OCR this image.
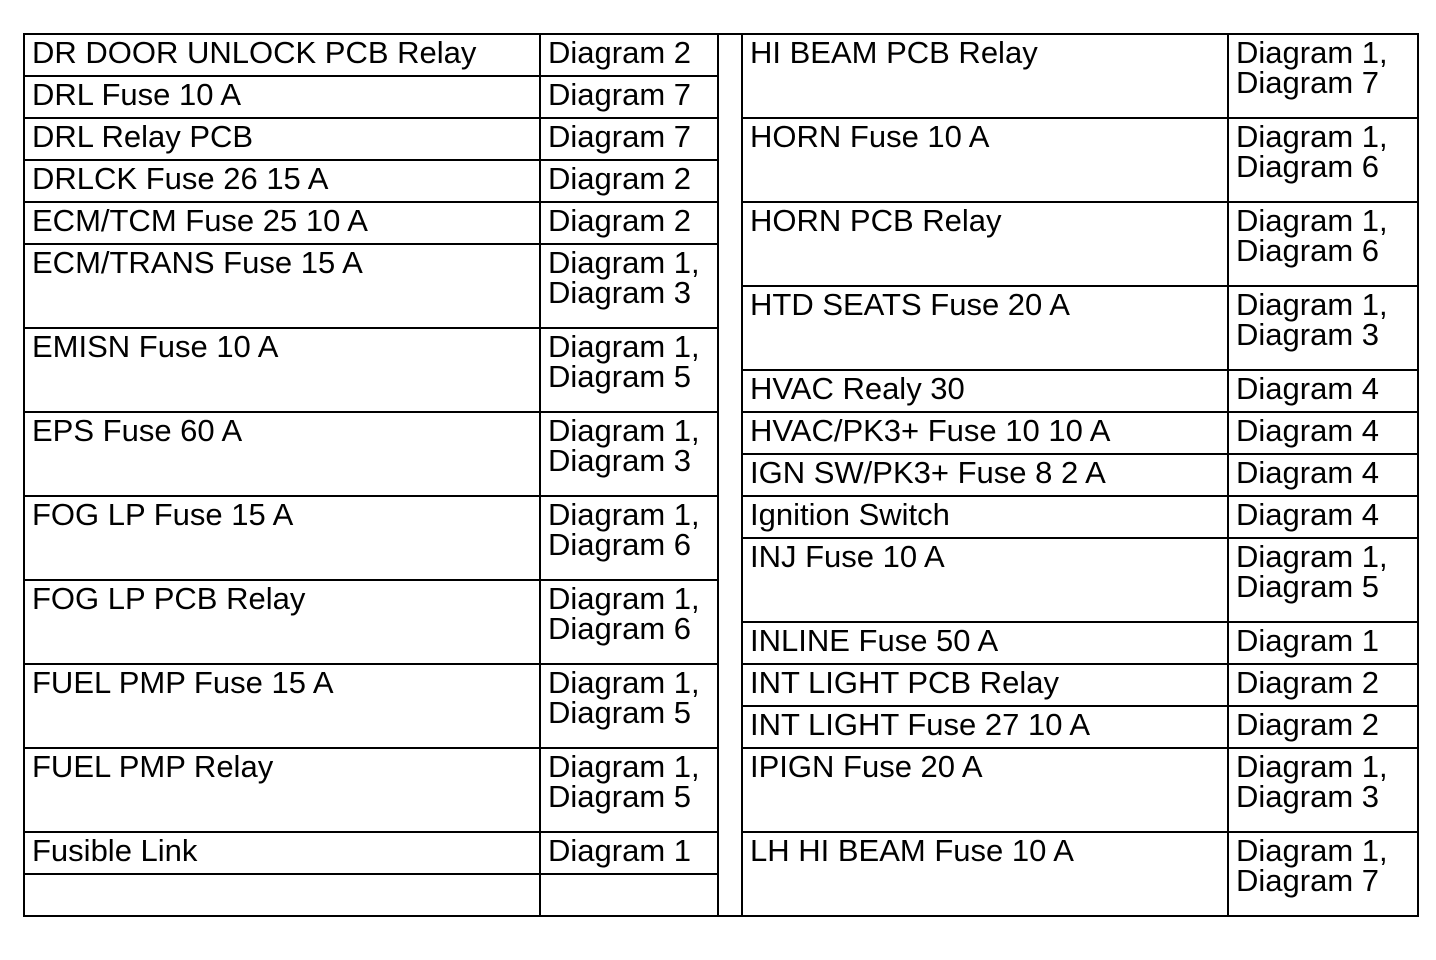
DR DOOR UNLOCK PCB Relay	Diagram 2		HI BEAM PCB Relay	Diagram 1,
Diagram 7

DRL Fuse 10 A	Diagram 7			

DRL Relay PCB	Diagram 7		HORN Fuse 10 A	Diagram 1,
Diagram 6

DRLCK Fuse 26 15 A	Diagram 2			

ECM/TCM Fuse 25 10 A	Diagram 2		HORN PCB Relay	Diagram 1,
Diagram 6

ECM/TRANS Fuse 15 A	Diagram 1,
Diagram 3			

			HTD SEATS Fuse 20 A	Diagram 1,
Diagram 3

EMISN Fuse 10 A	Diagram 1,
Diagram 5			

			HVAC Realy 30	Diagram 4

EPS Fuse 60 A	Diagram 1,
Diagram 3		HVAC/PK3+ Fuse 10 10 A	Diagram 4

			IGN SW/PK3+ Fuse 8 2 A	Diagram 4

FOG LP Fuse 15 A	Diagram 1,
Diagram 6		Ignition Switch	Diagram 4

			INJ Fuse 10 A	Diagram 1,
Diagram 5

FOG LP PCB Relay	Diagram 1,
Diagram 6			

			INLINE Fuse 50 A	Diagram 1

FUEL PMP Fuse 15 A	Diagram 1,
Diagram 5		INT LIGHT PCB Relay	Diagram 2

			INT LIGHT Fuse 27 10 A	Diagram 2

FUEL PMP Relay	Diagram 1,
Diagram 5		IPIGN Fuse 20 A	Diagram 1,
Diagram 3

Fusible Link	Diagram 1		LH HI BEAM Fuse 10 A	Diagram 1,
Diagram 7
